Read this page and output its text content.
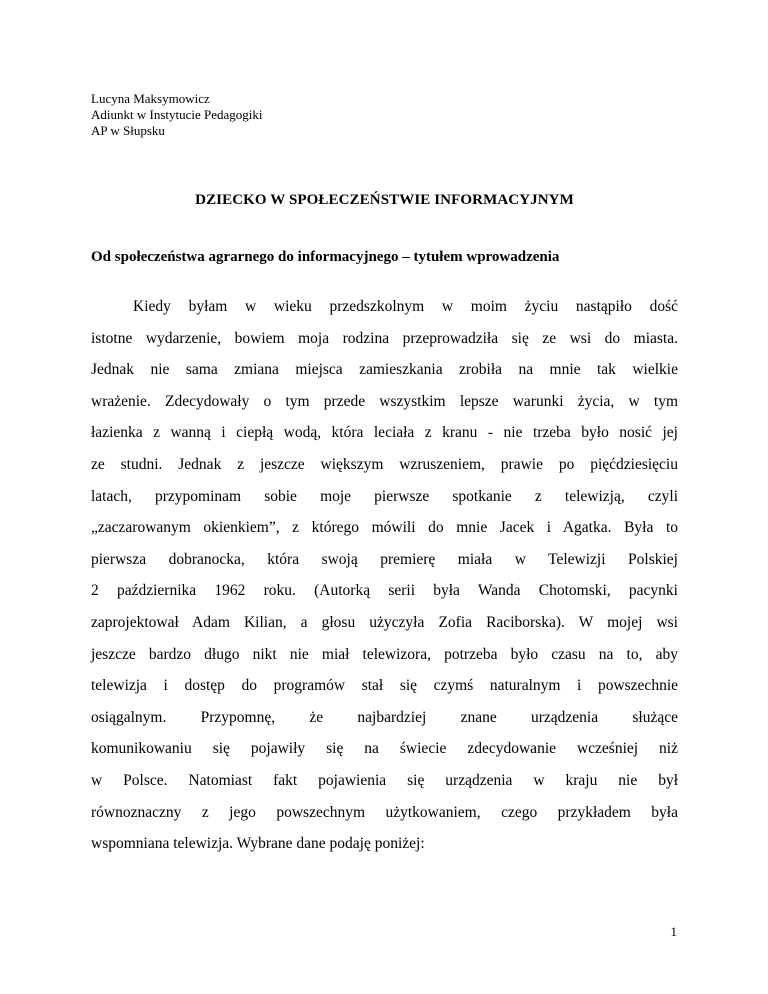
Lucyna Maksymowicz
Adiunkt w Instytucie Pedagogiki
AP w Słupsku
DZIECKO W SPOŁECZEŃSTWIE INFORMACYJNYM
Od społeczeństwa agrarnego do informacyjnego – tytułem wprowadzenia
Kiedy byłam w wieku przedszkolnym w moim życiu nastąpiło dość
istotne wydarzenie, bowiem moja rodzina przeprowadziła się ze wsi do miasta.
Jednak nie sama zmiana miejsca zamieszkania zrobiła na mnie tak wielkie
wrażenie. Zdecydowały o tym przede wszystkim lepsze warunki życia, w tym
łazienka z wanną i ciepłą wodą, która leciała z kranu - nie trzeba było nosić jej
ze studni. Jednak z jeszcze większym wzruszeniem, prawie po pięćdziesięciu
latach, przypominam sobie moje pierwsze spotkanie z telewizją, czyli
„zaczarowanym okienkiem”, z którego mówili do mnie Jacek i Agatka. Była to
pierwsza dobranocka, która swoją premierę miała w Telewizji Polskiej
2 października 1962 roku. (Autorką serii była Wanda Chotomski, pacynki
zaprojektował Adam Kilian, a głosu użyczyła Zofia Raciborska). W mojej wsi
jeszcze bardzo długo nikt nie miał telewizora, potrzeba było czasu na to, aby
telewizja i dostęp do programów stał się czymś naturalnym i powszechnie
osiągalnym. Przypomnę, że najbardziej znane urządzenia służące
komunikowaniu się pojawiły się na świecie zdecydowanie wcześniej niż
w Polsce. Natomiast fakt pojawienia się urządzenia w kraju nie był
równoznaczny z jego powszechnym użytkowaniem, czego przykładem była
wspomniana telewizja. Wybrane dane podaję poniżej:
1
